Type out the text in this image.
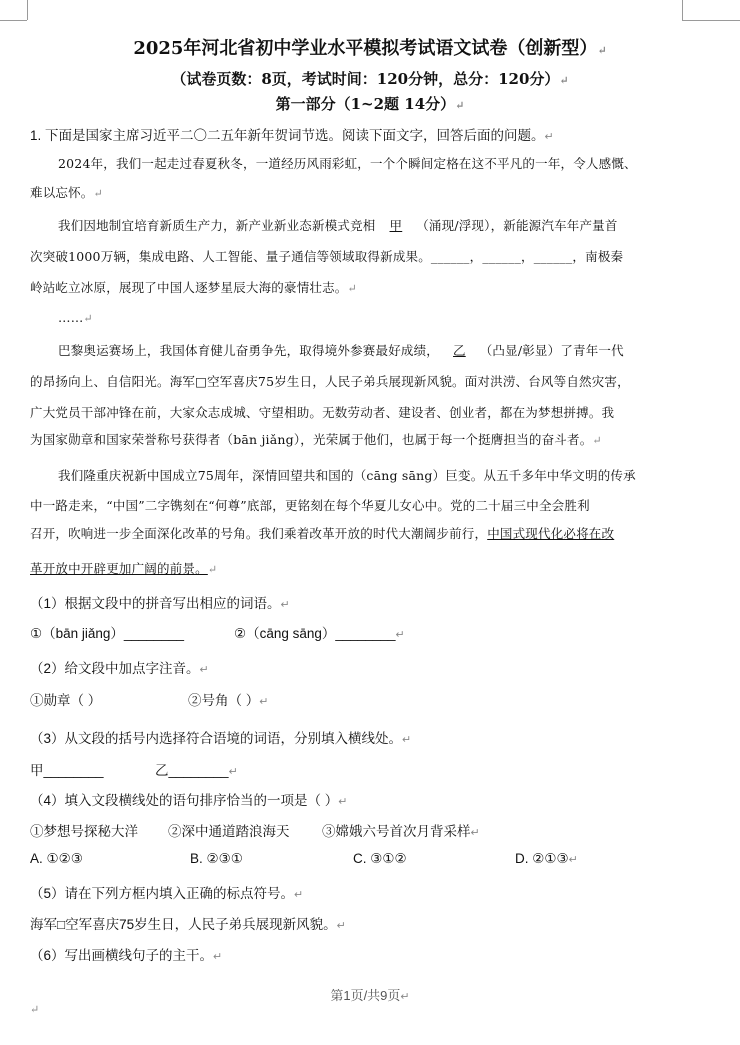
2025年河北省初中学业水平模拟考试语文试卷（创新型）↵
（试卷页数：8页，考试时间：120分钟，总分：120分）↵
第一部分（1~2题 14分）↵
1. 下面是国家主席习近平二〇二五年新年贺词节选。阅读下面文字，回答后面的问题。↵
2024年，我们一起走过春夏秋冬，一道经历风雨彩虹，一个个瞬间定格在这不平凡的一年，令人感慨、
难以忘怀。↵
我们因地制宜培育新质生产力，新产业新业态新模式竞相 甲 （涌现/浮现），新能源汽车年产量首
次突破1000万辆，集成电路、人工智能、量子通信等领域取得新成果。______，______，______，南极秦
岭站屹立冰原，展现了中国人逐梦星辰大海的豪情壮志。↵
……↵
巴黎奥运赛场上，我国体育健儿奋勇争先，取得境外参赛最好成绩， 乙 （凸显/彰显）了青年一代
的昂扬向上、自信阳光。海军□空军喜庆75岁生日，人民子弟兵展现新风貌。面对洪涝、台风等自然灾害，
广大党员干部冲锋在前，大家众志成城、守望相助。无数劳动者、建设者、创业者，都在为梦想拼搏。我
为国家勋章和国家荣誉称号获得者（bān jiǎng），光荣属于他们，也属于每一个挺膺担当的奋斗者。↵
我们隆重庆祝新中国成立75周年，深情回望共和国的（cāng sāng）巨变。从五千多年中华文明的传承
中一路走来，“中国”二字镌刻在“何尊”底部，更铭刻在每个华夏儿女心中。党的二十届三中全会胜利
召开，吹响进一步全面深化改革的号角。我们乘着改革开放的时代大潮阔步前行，中国式现代化必将在改
革开放中开辟更加广阔的前景。↵
（1）根据文段中的拼音写出相应的词语。↵
①（bān jiǎng）________	②（cāng sāng）________↵
（2）给文段中加点字注音。↵
①勋章（ ）	②号角（ ）↵
（3）从文段的括号内选择符合语境的词语，分别填入横线处。↵
甲________	乙________↵
（4）填入文段横线处的语句排序恰当的一项是（ ）↵
①梦想号探秘大洋 ②深中通道踏浪海天 ③嫦娥六号首次月背采样↵
A. ①②③	B. ②③①	C. ③①②	D. ②①③↵
（5）请在下列方框内填入正确的标点符号。↵
海军□空军喜庆75岁生日，人民子弟兵展现新风貌。↵
（6）写出画横线句子的主干。↵
第1页/共9页↵
↵
